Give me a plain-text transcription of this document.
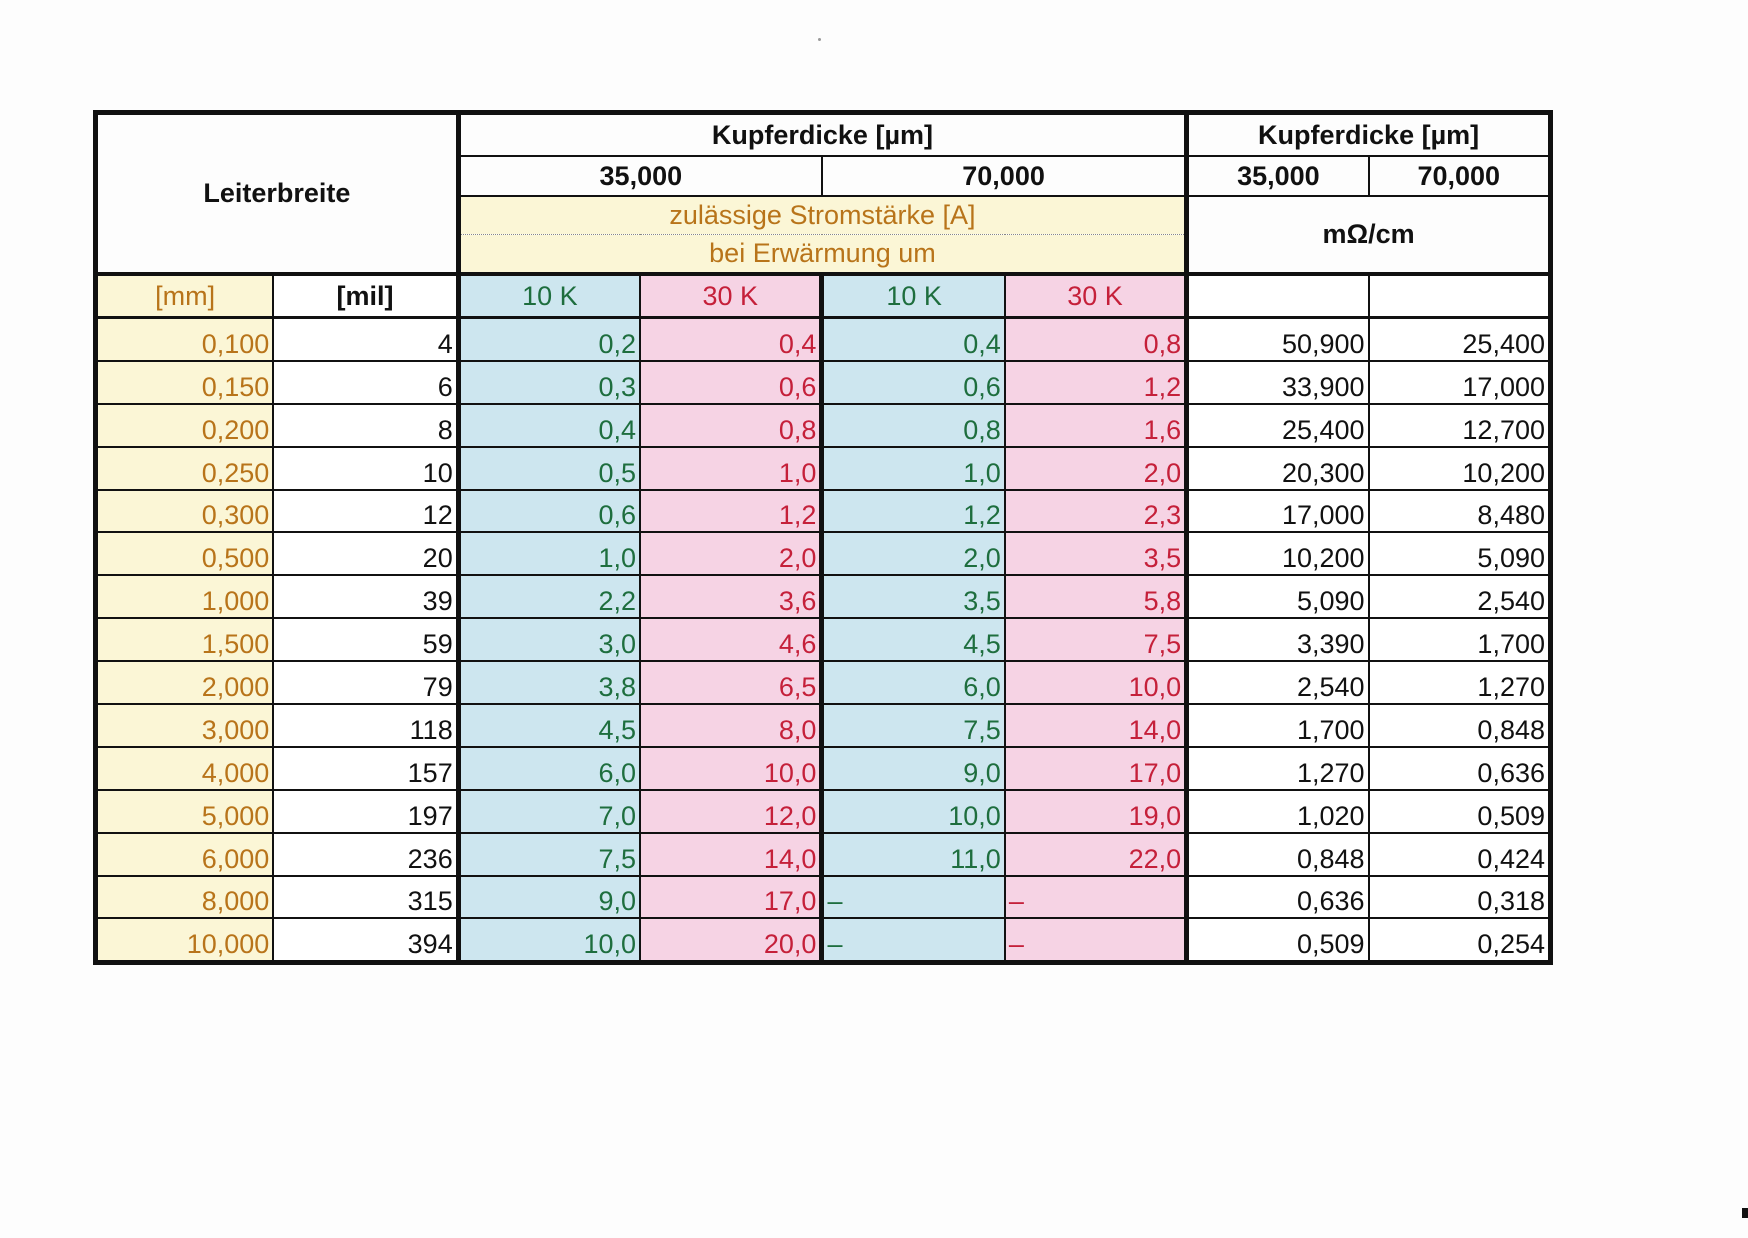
Leiterbreite		Kupferdicke [µm]				Kupferdicke [µm]	
		35,000		70,000		35,000	70,000
		zulässige Stromstärke [A]				mΩ/cm	
		bei Erwärmung um					
[mm]	[mil]	10 K	30 K	10 K	30 K		
0,100	4	0,2	0,4	0,4	0,8	50,900	25,400
0,150	6	0,3	0,6	0,6	1,2	33,900	17,000
0,200	8	0,4	0,8	0,8	1,6	25,400	12,700
0,250	10	0,5	1,0	1,0	2,0	20,300	10,200
0,300	12	0,6	1,2	1,2	2,3	17,000	8,480
0,500	20	1,0	2,0	2,0	3,5	10,200	5,090
1,000	39	2,2	3,6	3,5	5,8	5,090	2,540
1,500	59	3,0	4,6	4,5	7,5	3,390	1,700
2,000	79	3,8	6,5	6,0	10,0	2,540	1,270
3,000	118	4,5	8,0	7,5	14,0	1,700	0,848
4,000	157	6,0	10,0	9,0	17,0	1,270	0,636
5,000	197	7,0	12,0	10,0	19,0	1,020	0,509
6,000	236	7,5	14,0	11,0	22,0	0,848	0,424
8,000	315	9,0	17,0	–	–	0,636	0,318
10,000	394	10,0	20,0	–	–	0,509	0,254
